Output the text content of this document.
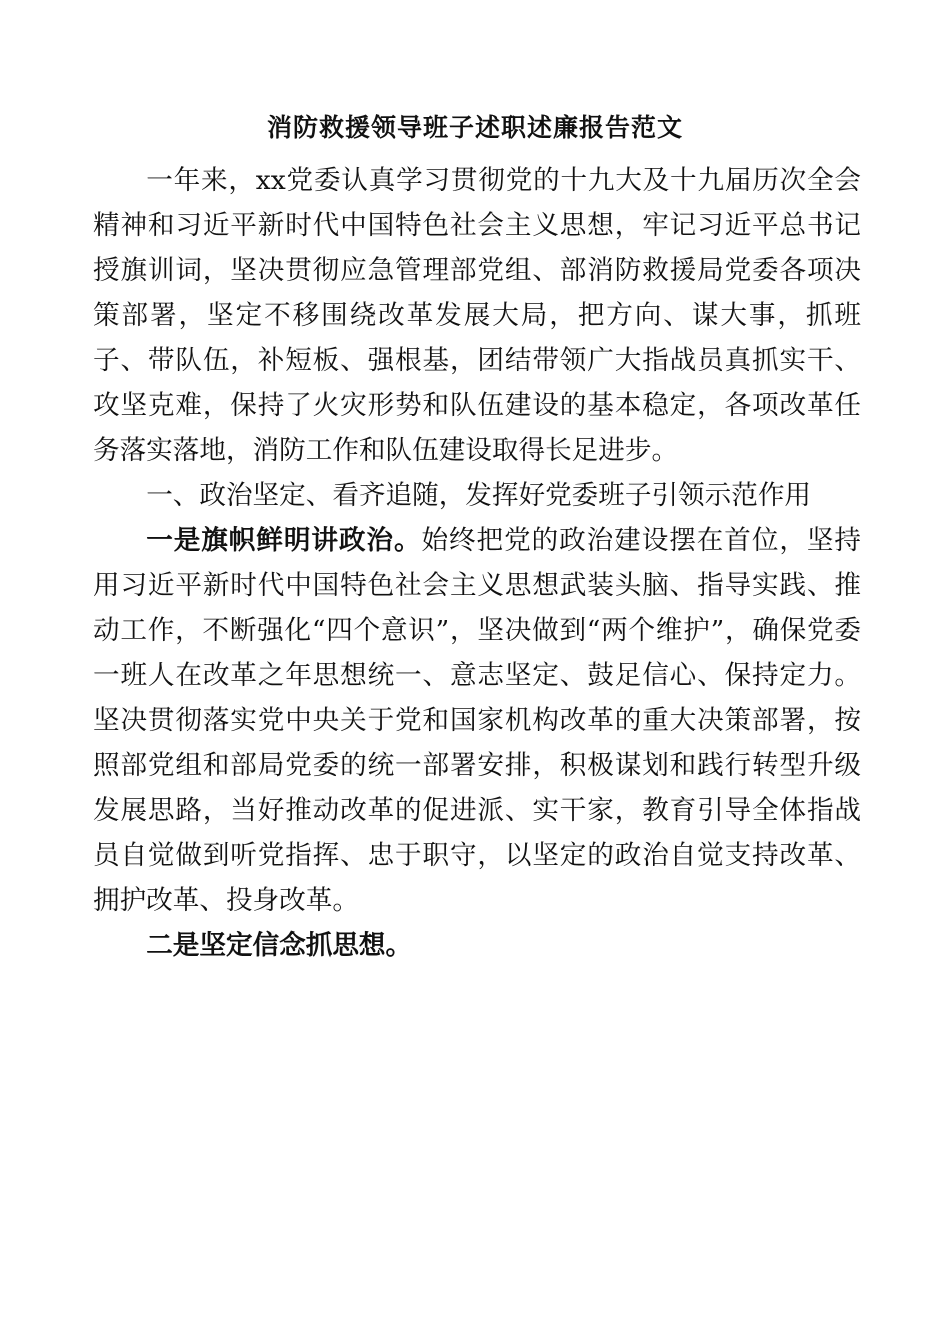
消防救援领导班子述职述廉报告范文

一年来，xx党委认真学习贯彻党的十九大及十九届历次全会精神和习近平新时代中国特色社会主义思想，牢记习近平总书记授旗训词，坚决贯彻应急管理部党组、部消防救援局党委各项决策部署，坚定不移围绕改革发展大局，把方向、谋大事，抓班子、带队伍，补短板、强根基，团结带领广大指战员真抓实干、攻坚克难，保持了火灾形势和队伍建设的基本稳定，各项改革任务落实落地，消防工作和队伍建设取得长足进步。

一、政治坚定、看齐追随，发挥好党委班子引领示范作用

一是旗帜鲜明讲政治。始终把党的政治建设摆在首位，坚持用习近平新时代中国特色社会主义思想武装头脑、指导实践、推动工作，不断强化“四个意识”，坚决做到“两个维护”，确保党委一班人在改革之年思想统一、意志坚定、鼓足信心、保持定力。坚决贯彻落实党中央关于党和国家机构改革的重大决策部署，按照部党组和部局党委的统一部署安排，积极谋划和践行转型升级发展思路，当好推动改革的促进派、实干家，教育引导全体指战员自觉做到听党指挥、忠于职守，以坚定的政治自觉支持改革、拥护改革、投身改革。

二是坚定信念抓思想。
